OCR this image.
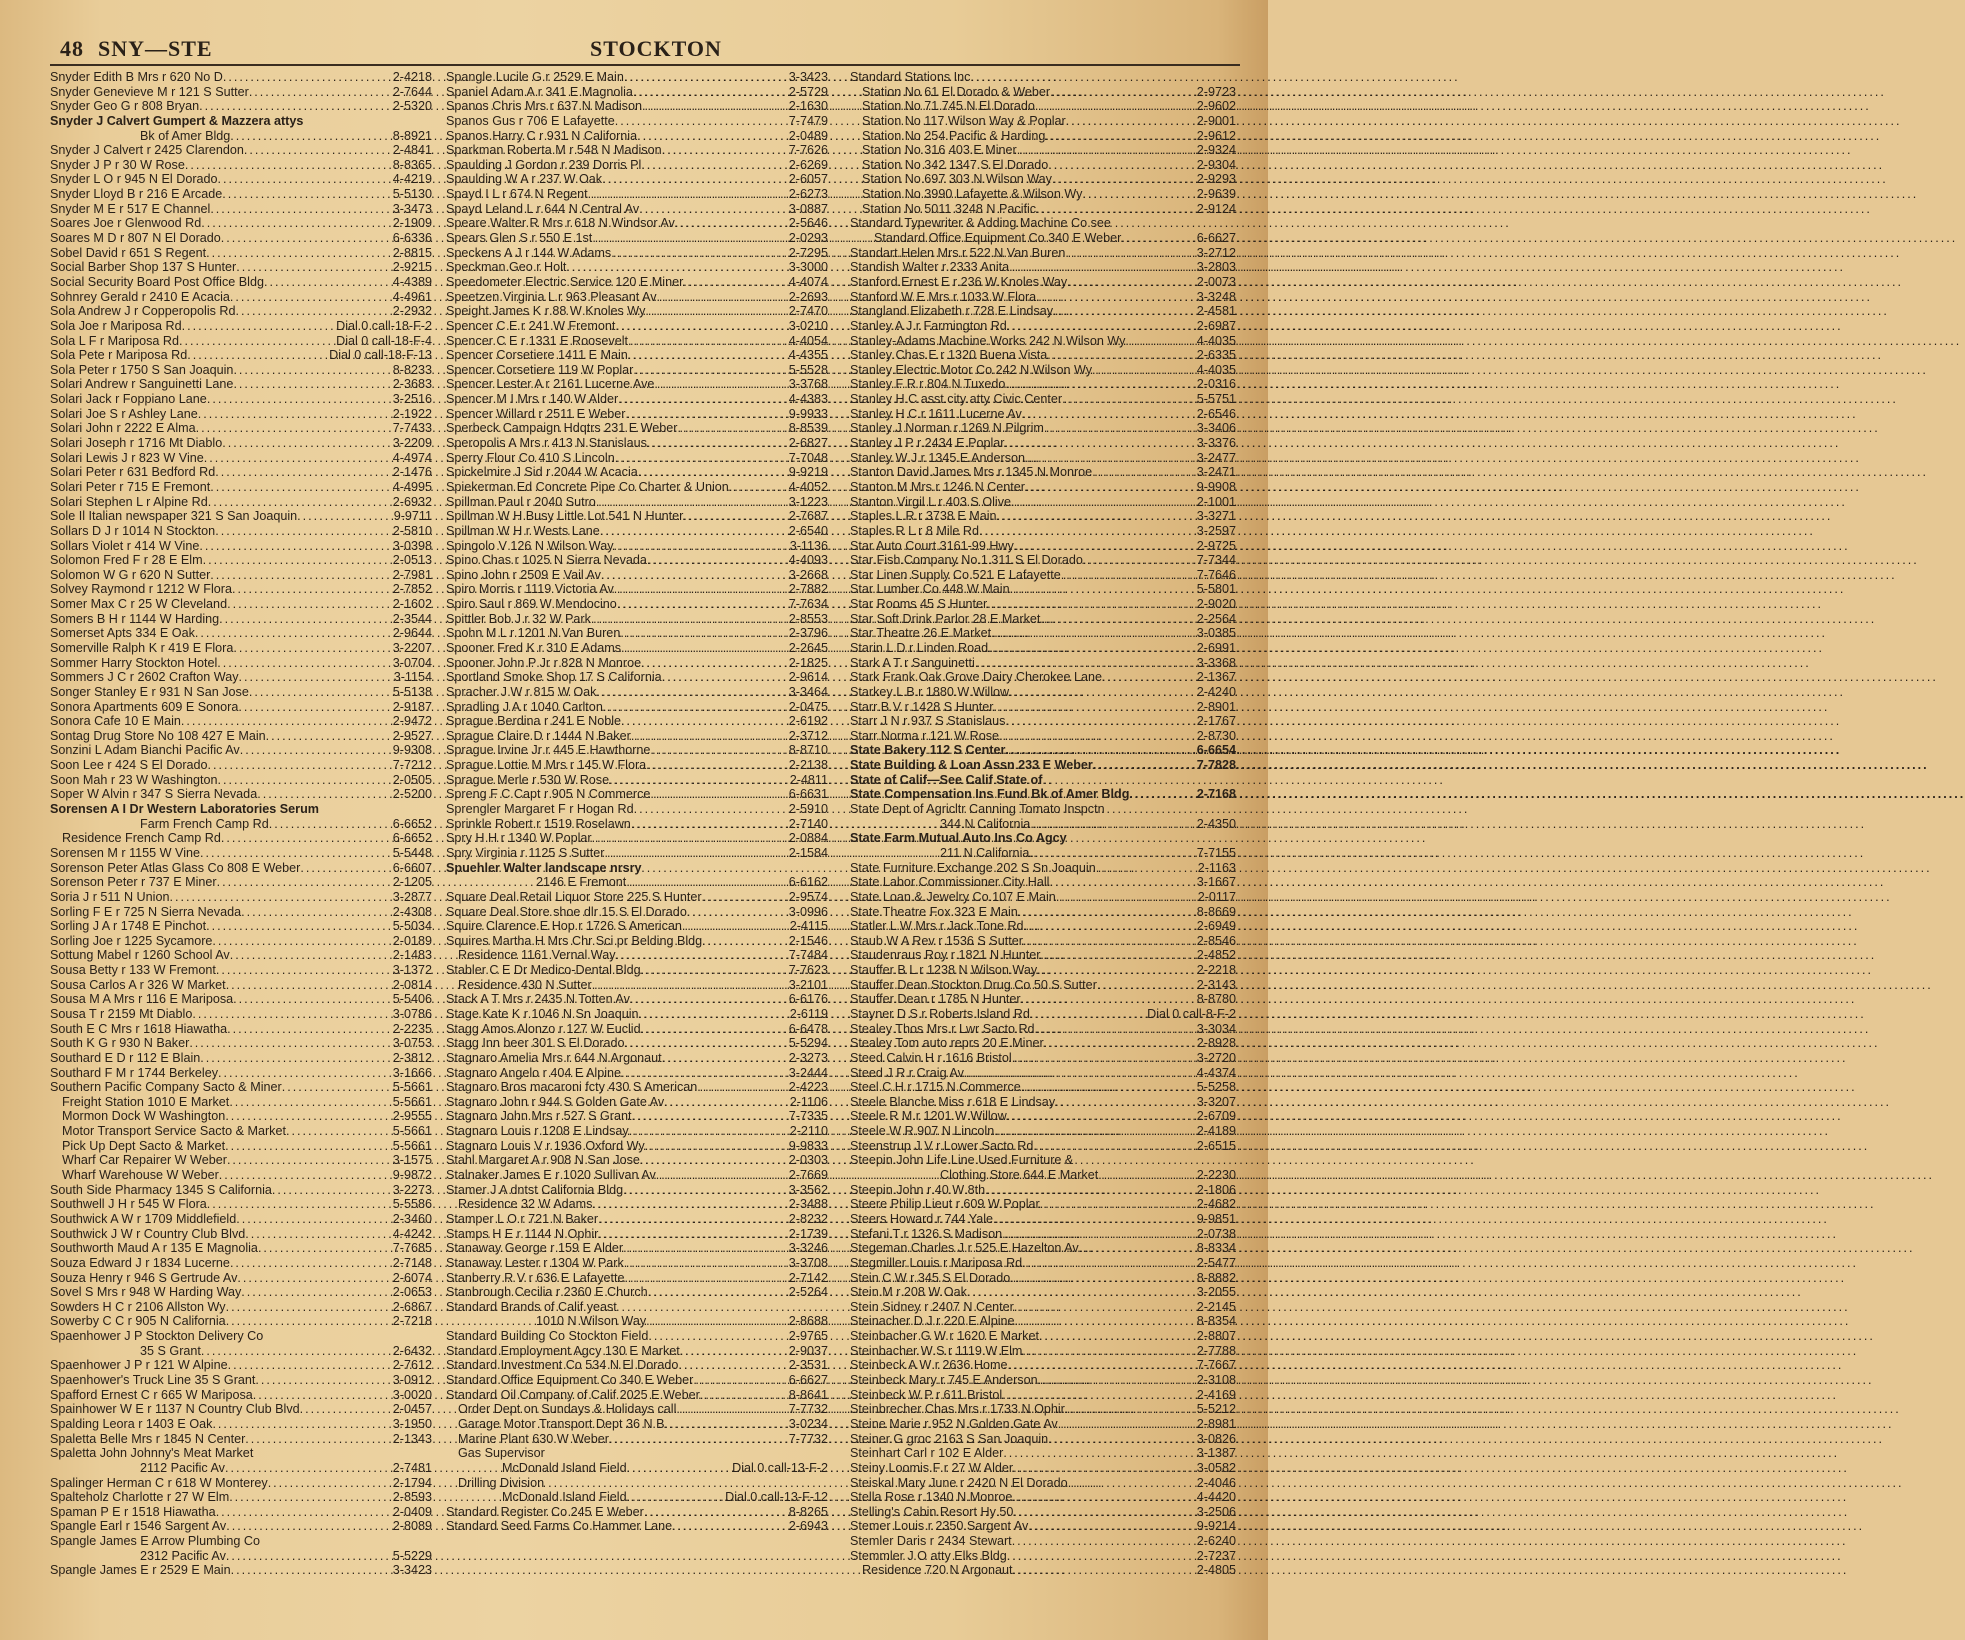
48 SNY—STE	STOCKTON
Snyder Edith B Mrs r 620 No D .....	2-4218
Snyder Genevieve M r 121 S Sutter .....	2-7644
Snyder Geo G r 808 Bryan .....	2-5320
Snyder J Calvert Gumpert & Mazzera attys
Bk of Amer Bldg .....	8-8921
Snyder J Calvert r 2425 Clarendon .....	2-4841
Snyder J P r 30 W Rose .....	8-8365
Snyder L O r 945 N El Dorado .....	4-4219
Snyder Lloyd B r 216 E Arcade .....	5-5130
Snyder M E r 517 E Channel .....	3-3473
Soares Joe r Glenwood Rd .....	2-1909
Soares M D r 807 N El Dorado .....	6-6336
Sobel David r 651 S Regent .....	2-8815
Social Barber Shop 137 S Hunter .....	2-9215
Social Security Board Post Office Bldg .....	4-4389
Sohnrey Gerald r 2410 E Acacia .....	4-4961
Sola Andrew J r Copperopolis Rd .....	2-2932
Sola Joe r Mariposa Rd .....	Dial 0 call-18-F-2
Sola L F r Mariposa Rd .....	Dial 0 call-18-F-4
Sola Pete r Mariposa Rd .....	Dial 0 call-18-F-13
Sola Peter r 1750 S San Joaquin .....	8-8233
Solari Andrew r Sanguinetti Lane .....	2-3683
Solari Jack r Foppiano Lane .....	3-2516
Solari Joe S r Ashley Lane .....	2-1922
Solari John r 2222 E Alma .....	7-7433
Solari Joseph r 1716 Mt Diablo .....	3-2209
Solari Lewis J r 823 W Vine .....	4-4974
Solari Peter r 631 Bedford Rd .....	2-1476
Solari Peter r 715 E Fremont .....	4-4995
Solari Stephen L r Alpine Rd .....	2-6932
Sole Il Italian newspaper 321 S San Joaquin .....	9-9711
Sollars D J r 1014 N Stockton .....	2-5810
Sollars Violet r 414 W Vine .....	3-0398
Solomon Fred F r 28 E Elm .....	2-0513
Solomon W G r 620 N Sutter .....	2-7981
Solvey Raymond r 1212 W Flora .....	2-7852
Somer Max C r 25 W Cleveland .....	2-1602
Somers B H r 1144 W Harding .....	2-3544
Somerset Apts 334 E Oak .....	2-9644
Somerville Ralph K r 419 E Flora .....	3-2207
Sommer Harry Stockton Hotel .....	3-0704
Sommers J C r 2602 Crafton Way .....	3-1154
Songer Stanley E r 931 N San Jose .....	5-5138
Sonora Apartments 609 E Sonora .....	2-9187
Sonora Cafe 10 E Main .....	2-9472
Sontag Drug Store No 108 427 E Main .....	2-9527
Sonzini L Adam Bianchi Pacific Av .....	9-9308
Soon Lee r 424 S El Dorado .....	7-7212
Soon Mah r 23 W Washington .....	2-0505
Soper W Alvin r 347 S Sierra Nevada .....	2-5200
Sorensen A I Dr Western Laboratories Serum
Farm French Camp Rd .....	6-6652
Residence French Camp Rd .....	6-6652
Sorensen M r 1155 W Vine .....	5-5448
Sorenson Peter Atlas Glass Co 808 E Weber .....	6-6607
Sorenson Peter r 737 E Miner .....	2-1205
Soria J r 511 N Union .....	3-2877
Sorling F E r 725 N Sierra Nevada .....	2-4308
Sorling J A r 1748 E Pinchot .....	5-5034
Sorling Joe r 1225 Sycamore .....	2-0189
Sottung Mabel r 1260 School Av .....	2-1483
Sousa Betty r 133 W Fremont .....	3-1372
Sousa Carlos A r 326 W Market .....	2-0814
Sousa M A Mrs r 116 E Mariposa .....	5-5406
Sousa T r 2159 Mt Diablo .....	3-0786
South E C Mrs r 1618 Hiawatha .....	2-2235
South K G r 930 N Baker .....	3-0753
Southard E D r 112 E Blain .....	2-3812
Southard F M r 1744 Berkeley .....	3-1666
Southern Pacific Company Sacto & Miner .....	5-5661
Freight Station 1010 E Market .....	5-5661
Mormon Dock W Washington .....	2-9555
Motor Transport Service Sacto & Market .....	5-5661
Pick Up Dept Sacto & Market .....	5-5661
Wharf Car Repairer W Weber .....	3-1575
Wharf Warehouse W Weber .....	9-9872
South Side Pharmacy 1345 S California .....	3-2273
Southwell J H r 545 W Flora .....	5-5586
Southwick A W r 1709 Middlefield .....	2-3460
Southwick J W r Country Club Blvd .....	4-4242
Southworth Maud A r 135 E Magnolia .....	7-7685
Souza Edward J r 1834 Lucerne .....	2-7148
Souza Henry r 946 S Gertrude Av .....	2-6074
Sovel S Mrs r 948 W Harding Way .....	2-0653
Sowders H C r 2106 Allston Wy .....	2-6867
Sowerby C C r 905 N California .....	2-7218
Spaenhower J P Stockton Delivery Co
35 S Grant .....	2-6432
Spaenhower J P r 121 W Alpine .....	2-7612
Spaenhower's Truck Line 35 S Grant .....	3-0912
Spafford Ernest C r 665 W Mariposa .....	3-0020
Spainhower W E r 1137 N Country Club Blvd .....	2-0457
Spalding Leora r 1403 E Oak .....	3-1950
Spaletta Belle Mrs r 1845 N Center .....	2-1343
Spaletta John Johnny's Meat Market
2112 Pacific Av .....	2-7481
Spalinger Herman C r 618 W Monterey .....	2-1794
Spalteholz Charlotte r 27 W Elm .....	2-8593
Spaman P E r 1518 Hiawatha .....	2-0409
Spangle Earl r 1546 Sargent Av .....	2-8089
Spangle James E Arrow Plumbing Co
2312 Pacific Av .....	5-5229
Spangle James E r 2529 E Main .....	3-3423
Spangle Lucile G r 2529 E Main .....	3-3423
Spaniel Adam A r 341 E Magnolia .....	2-5729
Spanos Chris Mrs r 637 N Madison .....	2-1630
Spanos Gus r 706 E Lafayette .....	7-7479
Spanos Harry C r 931 N California .....	2-0489
Sparkman Roberta M r 548 N Madison .....	7-7626
Spaulding J Gordon r 239 Dorris Pl .....	2-6269
Spaulding W A r 237 W Oak .....	2-6057
Spayd I L r 674 N Regent .....	2-6273
Spayd Leland L r 644 N Central Av .....	3-0887
Speare Walter R Mrs r 618 N Windsor Av .....	2-5646
Spears Glen S r 550 E 1st .....	2-0293
Speckens A J r 144 W Adams .....	2-7295
Speckman Geo r Holt .....	3-3000
Speedometer Electric Service 120 E Miner .....	4-4074
Speetzen Virginia L r 963 Pleasant Av .....	2-2693
Speight James K r 88 W Knoles Wy .....	2-7470
Spencer C E r 241 W Fremont .....	3-0210
Spencer C E r 1331 E Roosevelt .....	4-4054
Spencer Corsetiere 1411 E Main .....	4-4355
Spencer Corsetiere 119 W Poplar .....	5-5528
Spencer Lester A r 2161 Lucerne Ave .....	3-3768
Spencer M I Mrs r 140 W Alder .....	4-4383
Spencer Willard r 2511 E Weber .....	9-9933
Sperbeck Campaign Hdqtrs 231 E Weber .....	8-8539
Speropolis A Mrs r 413 N Stanislaus .....	2-6827
Sperry Flour Co 410 S Lincoln .....	7-7048
Spickelmire J Sid r 2044 W Acacia .....	9-9219
Spiekerman Ed Concrete Pipe Co Charter & Union .....	4-4052
Spillman Paul r 2040 Sutro .....	3-1223
Spillman W H Busy Little Lot 541 N Hunter .....	2-7687
Spillman W H r Wests Lane .....	2-6540
Spingolo V 126 N Wilson Way .....	3-1136
Spino Chas r 1025 N Sierra Nevada .....	4-4093
Spino John r 2509 E Vail Av .....	3-2668
Spiro Morris r 1119 Victoria Av .....	2-7882
Spiro Saul r 869 W Mendocino .....	7-7634
Spittler Bob J r 32 W Park .....	2-8553
Spohn M L r 1201 N Van Buren .....	2-3796
Spooner Fred K r 310 E Adams .....	2-2645
Spooner John P Jr r 828 N Monroe .....	2-1825
Sportland Smoke Shop 17 S California .....	2-9614
Spracher J W r 815 W Oak .....	3-3464
Spradling J A r 1040 Carlton .....	2-0475
Sprague Berdina r 241 E Noble .....	2-6192
Sprague Claire D r 1444 N Baker .....	2-3712
Sprague Irvine Jr r 445 E Hawthorne .....	8-8710
Sprague Lottie M Mrs r 145 W Flora .....	2-2138
Sprague Merle r 530 W Rose .....	2-4811
Spreng F C Capt r 905 N Commerce .....	6-6631
Sprengler Margaret F r Hogan Rd .....	2-5910
Sprinkle Robert r 1519 Roselawn .....	2-7140
Spry H H r 1340 W Poplar .....	2-0884
Spry Virginia r 1125 S Sutter .....	2-1584
Spuehler Walter landscape nrsry
2146 E Fremont .....	6-6162
Square Deal Retail Liquor Store 225 S Hunter .....	2-9574
Square Deal Store shoe dlr 15 S El Dorado .....	3-0996
Squire Clarence E Hop r 1726 S American .....	2-4115
Squires Martha H Mrs Chr Sci pr Belding Bldg .....	2-1546
Residence 1161 Vernal Way .....	7-7484
Stabler C E Dr Medico-Dental Bldg .....	7-7623
Residence 430 N Sutter .....	3-2101
Stack A T Mrs r 2435 N Totten Av .....	6-6176
Stage Kate K r 1046 N Sn Joaquin .....	2-6119
Stagg Amos Alonzo r 127 W Euclid .....	6-6478
Stagg Inn beer 301 S El Dorado .....	5-5294
Stagnaro Amelia Mrs r 644 N Argonaut .....	2-3273
Stagnaro Angelo r 404 E Alpine .....	3-2444
Stagnaro Bros macaroni fcty 430 S American .....	2-4223
Stagnaro John r 944 S Golden Gate Av .....	2-1106
Stagnaro John Mrs r 527 S Grant .....	7-7335
Stagnaro Louis r 1208 E Lindsay .....	2-2110
Stagnaro Louis V r 1936 Oxford Wy .....	9-9833
Stahl Margaret A r 908 N San Jose .....	2-0303
Stalnaker James E r 1020 Sullivan Av .....	2-7669
Stamer J A dntst California Bldg .....	3-3562
Residence 32 W Adams .....	2-3488
Stamper L O r 721 N Baker .....	2-8232
Stamps H E r 1144 N Ophir .....	2-1739
Stanaway George r 159 E Alder .....	3-3246
Stanaway Lester r 1304 W Park .....	3-3708
Stanberry R V r 636 E Lafayette .....	2-7142
Stanbrough Cecilia r 2360 E Church .....	2-5264
Standard Brands of Calif yeast
1010 N Wilson Way .....	2-8688
Standard Building Co Stockton Field .....	2-9765
Standard Employment Agcy 130 E Market .....	2-9037
Standard Investment Co 534 N El Dorado .....	2-3531
Standard Office Equipment Co 340 E Weber .....	6-6627
Standard Oil Company of Calif 2025 E Weber .....	8-8641
Order Dept on Sundays & Holidays call .....	7-7732
Garage Motor Transport Dept 36 N B .....	3-0234
Marine Plant 630 W Weber .....	7-7732
Gas Supervisor
McDonald Island Field .....	Dial 0 call-13-F-2
Drilling Division
McDonald Island Field .....	Dial 0 call-13-F-12
Standard Register Co 245 E Weber .....	8-8265
Standard Seed Farms Co Hammer Lane .....	2-6943
Standard Stations Inc
Station No 61 El Dorado & Weber .....	2-9723
Station No 71 745 N El Dorado .....	2-9602
Station No 117 Wilson Way & Poplar .....	2-9001
Station No 254 Pacific & Harding .....	2-9612
Station No 316 403 E Miner .....	2-9324
Station No 342 1347 S El Dorado .....	2-9304
Station No 697 303 N Wilson Way .....	2-9293
Station No 3990 Lafayette & Wilson Wy .....	2-9639
Station No 5011 3248 N Pacific .....	2-9124
Standard Typewriter & Adding Machine Co see
Standard Office Equipment Co 340 E Weber .....	6-6627
Standart Helen Mrs r 522 N Van Buren .....	3-2712
Standish Walter r 2333 Anita .....	3-2803
Stanford Ernest E r 236 W Knoles Way .....	2-0073
Stanford W E Mrs r 1033 W Flora .....	3-3248
Stangland Elizabeth r 728 E Lindsay .....	2-4581
Stanley A J r Farmington Rd .....	2-6987
Stanley-Adams Machine Works 242 N Wilson Wy .....	4-4035
Stanley Chas E r 1320 Buena Vista .....	2-6335
Stanley Electric Motor Co 242 N Wilson Wy .....	4-4035
Stanley F R r 804 N Tuxedo .....	2-0316
Stanley H C asst city atty Civic Center .....	5-5751
Stanley H C r 1611 Lucerne Av .....	2-6546
Stanley J Norman r 1269 N Pilgrim .....	3-3406
Stanley J P r 2434 E Poplar .....	3-3376
Stanley W J r 1345 E Anderson .....	3-2477
Stanton David James Mrs r 1345 N Monroe .....	3-2471
Stanton M Mrs r 1246 N Center .....	9-9908
Stanton Virgil L r 403 S Olive .....	2-1001
Staples L R r 3738 E Main .....	3-3271
Staples R L r 8 Mile Rd .....	3-2597
Star Auto Court 3161-99 Hwy .....	2-9725
Star Fish Company No 1 311 S El Dorado .....	7-7344
Star Linen Supply Co 521 E Lafayette .....	7-7646
Star Lumber Co 448 W Main .....	5-5801
Star Rooms 45 S Hunter .....	2-9020
Star Soft Drink Parlor 28 E Market .....	2-2564
Star Theatre 26 E Market .....	3-0385
Starin L D r Linden Road .....	2-6991
Stark A T r Sanguinetti .....	3-3368
Stark Frank Oak Grove Dairy Cherokee Lane .....	2-1367
Starkey L B r 1880 W Willow .....	2-4240
Starr B V r 1428 S Hunter .....	2-8901
Starr J N r 937 S Stanislaus .....	2-1767
Starr Norma r 121 W Rose .....	2-8730
State Bakery 112 S Center .....	6-6654
State Building & Loan Assn 233 E Weber .....	7-7828
State of Calif—See Calif State of
State Compensation Ins Fund Bk of Amer Bldg .....	2-7168
State Dept of Agricltr Canning Tomato Inspctn
344 N California .....	2-4350
State Farm Mutual Auto Ins Co Agcy
211 N California .....	7-7155
State Furniture Exchange 202 S Sn Joaquin .....	2-1163
State Labor Commissioner City Hall .....	3-1667
State Loan & Jewelry Co 107 E Main .....	2-0117
State Theatre Fox 323 E Main .....	8-8669
Statler L W Mrs r Jack Tone Rd .....	2-6949
Staub W A Rev r 1536 S Sutter .....	2-8546
Staudenraus Roy r 1821 N Hunter .....	2-4852
Stauffer B L r 1238 N Wilson Way .....	2-2218
Stauffer Dean Stockton Drug Co 50 S Sutter .....	2-3143
Stauffer Dean r 1785 N Hunter .....	8-8780
Stayner D S r Roberts Island Rd .....	Dial 0 call-8-F-2
Stealey Thos Mrs r Lwr Sacto Rd .....	3-3034
Stealey Tom auto reprs 20 E Miner .....	2-8928
Steed Calvin H r 1616 Bristol .....	3-2720
Steed J R r Craig Av .....	4-4374
Steel C H r 1715 N Commerce .....	5-5258
Steele Blanche Miss r 618 E Lindsay .....	3-3207
Steele R M r 1201 W Willow .....	2-6709
Steele W R 907 N Lincoln .....	2-4189
Steenstrup J V r Lower Sacto Rd .....	2-6515
Steepin John Life Line Used Furniture &
Clothing Store 644 E Market .....	2-2230
Steepin John r 40 W 8th .....	2-1806
Steere Philip Lieut r 609 W Poplar .....	2-4682
Steers Howard r 744 Yale .....	9-9851
Stefani T r 1326 S Madison .....	2-0738
Stegeman Charles J r 525 E Hazelton Av .....	8-8334
Stegmiller Louis r Mariposa Rd .....	2-5477
Stein C W r 345 S El Dorado .....	8-8882
Stein M r 208 W Oak .....	3-2055
Stein Sidney r 2407 N Center .....	2-2145
Steinacher D J r 220 E Alpine .....	8-8354
Steinbacher G W r 1620 E Market .....	2-8807
Steinbacher W S r 1119 W Elm .....	2-7788
Steinbeck A W r 2636 Home .....	7-7667
Steinbeck Mary r 745 E Anderson .....	2-3108
Steinbeck W P r 611 Bristol .....	2-4169
Steinbrecher Chas Mrs r 1733 N Ophir .....	5-5212
Steine Marie r 952 N Golden Gate Av .....	2-8981
Steiner G groc 2163 S San Joaquin .....	3-0826
Steinhart Carl r 102 E Alder .....	3-1387
Steiny Loomis F r 27 W Alder .....	3-0582
Steiskal Mary June r 2420 N El Dorado .....	2-4046
Stella Rose r 1340 N Monroe .....	4-4420
Stelling's Cabin Resort Hy 50 .....	3-2506
Stemer Louis r 2350 Sargent Av .....	9-9214
Stemler Daris r 2434 Stewart .....	2-6240
Stemmler J O atty Elks Bldg .....	2-7237
Residence 720 N Argonaut .....	2-4805
